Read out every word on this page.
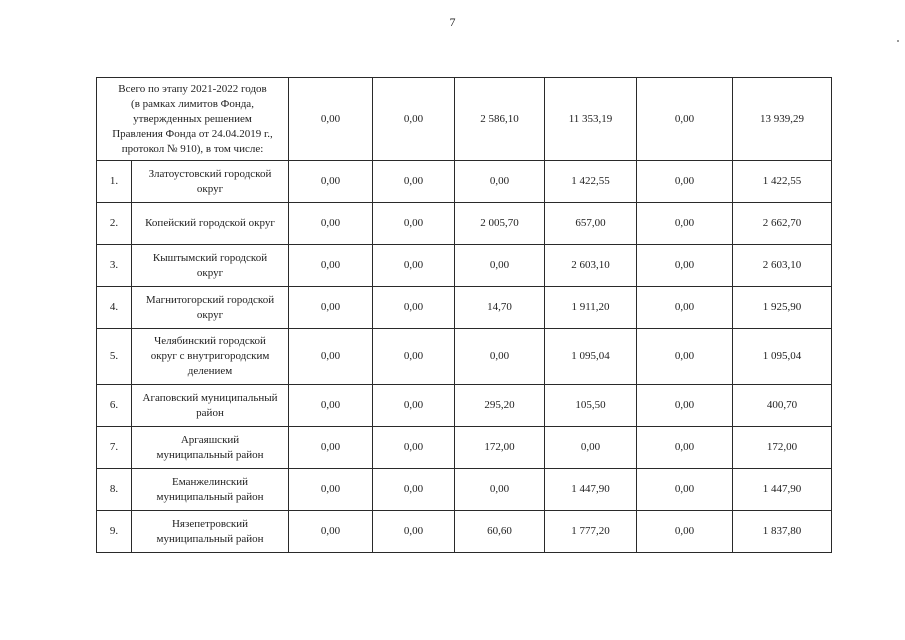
7
Всего по этапу 2021-2022 годов
(в рамках лимитов Фонда,
утвержденных решением
Правления Фонда от 24.04.2019 г.,
протокол № 910), в том числе:		0,00	0,00	2 586,10	11 353,19	0,00	13 939,29
1.	Златоустовский городской
округ	0,00	0,00	0,00	1 422,55	0,00	1 422,55
2.	Копейский городской округ	0,00	0,00	2 005,70	657,00	0,00	2 662,70
3.	Кыштымский городской
округ	0,00	0,00	0,00	2 603,10	0,00	2 603,10
4.	Магнитогорский городской
округ	0,00	0,00	14,70	1 911,20	0,00	1 925,90
5.	Челябинский городской
округ с внутригородским
делением	0,00	0,00	0,00	1 095,04	0,00	1 095,04
6.	Агаповский муниципальный
район	0,00	0,00	295,20	105,50	0,00	400,70
7.	Аргаяшский
муниципальный район	0,00	0,00	172,00	0,00	0,00	172,00
8.	Еманжелинский
муниципальный район	0,00	0,00	0,00	1 447,90	0,00	1 447,90
9.	Нязепетровский
муниципальный район	0,00	0,00	60,60	1 777,20	0,00	1 837,80
